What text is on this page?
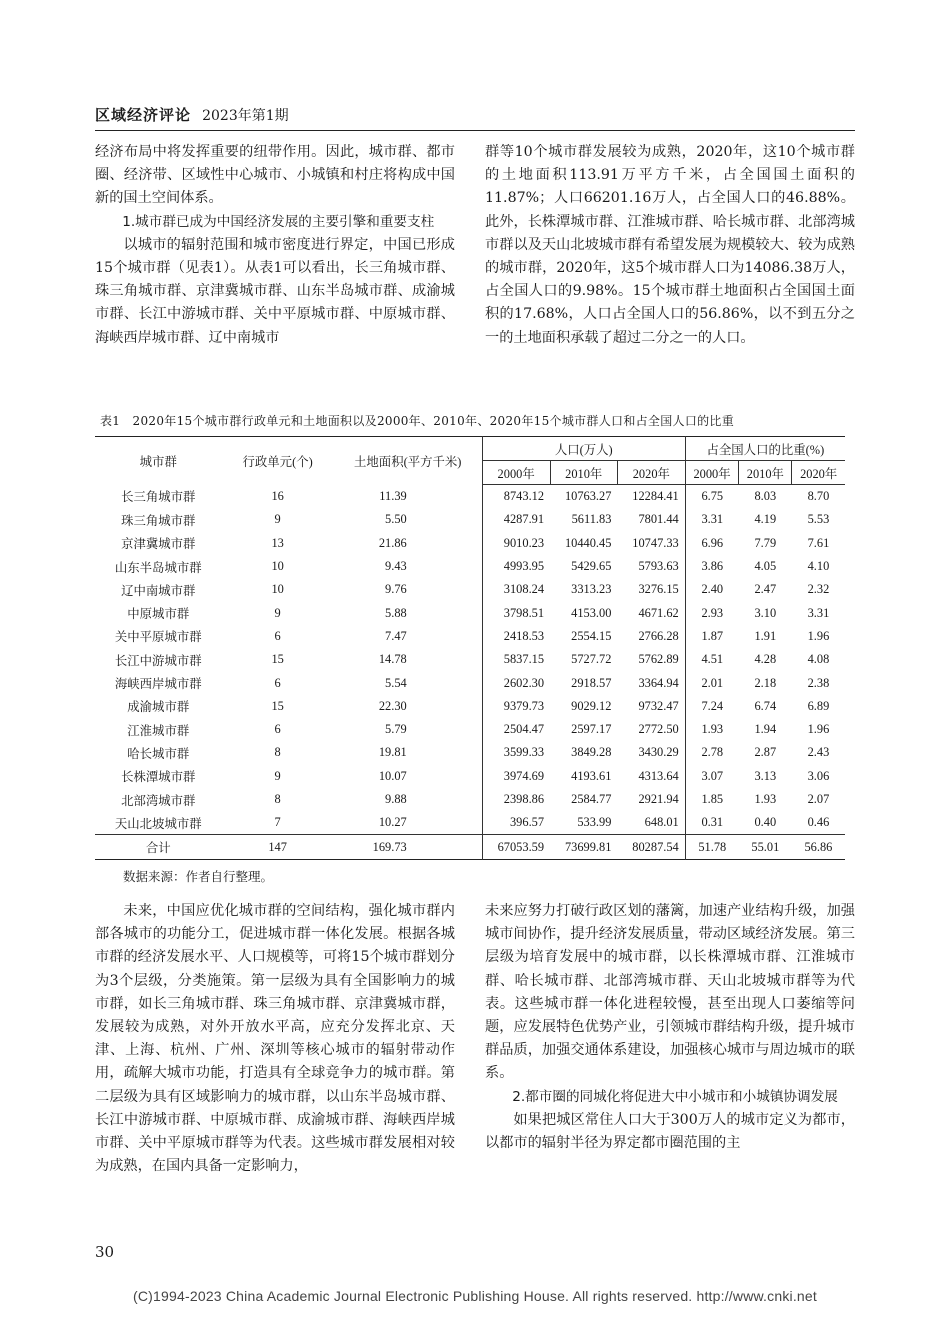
区域经济评论 2023年第1期

经济布局中将发挥重要的纽带作用。因此，城市群、都市圈、经济带、区域性中心城市、小城镇和村庄将构成中国新的国土空间体系。

1.城市群已成为中国经济发展的主要引擎和重要支柱

以城市的辐射范围和城市密度进行界定，中国已形成15个城市群（见表1）。从表1可以看出，长三角城市群、珠三角城市群、京津冀城市群、山东半岛城市群、成渝城市群、长江中游城市群、关中平原城市群、中原城市群、海峡西岸城市群、辽中南城市

群等10个城市群发展较为成熟，2020年，这10个城市群的土地面积113.91万平方千米，占全国国土面积的11.87%；人口66201.16万人，占全国人口的46.88%。此外，长株潭城市群、江淮城市群、哈长城市群、北部湾城市群以及天山北坡城市群有希望发展为规模较大、较为成熟的城市群，2020年，这5个城市群人口为14086.38万人，占全国人口的9.98%。15个城市群土地面积占全国国土面积的17.68%，人口占全国人口的56.86%，以不到五分之一的土地面积承载了超过二分之一的人口。

表1　2020年15个城市群行政单元和土地面积以及2000年、2010年、2020年15个城市群人口和占全国人口的比重
城市群	行政单元(个)	土地面积(平方千米)	人口(万人)			占全国人口的比重(%)		
			2000年	2010年	2020年	2000年	2010年	2020年
长三角城市群	16	11.39	8743.12	10763.27	12284.41	6.75	8.03	8.70
珠三角城市群	9	5.50	4287.91	5611.83	7801.44	3.31	4.19	5.53
京津冀城市群	13	21.86	9010.23	10440.45	10747.33	6.96	7.79	7.61
山东半岛城市群	10	9.43	4993.95	5429.65	5793.63	3.86	4.05	4.10
辽中南城市群	10	9.76	3108.24	3313.23	3276.15	2.40	2.47	2.32
中原城市群	9	5.88	3798.51	4153.00	4671.62	2.93	3.10	3.31
关中平原城市群	6	7.47	2418.53	2554.15	2766.28	1.87	1.91	1.96
长江中游城市群	15	14.78	5837.15	5727.72	5762.89	4.51	4.28	4.08
海峡西岸城市群	6	5.54	2602.30	2918.57	3364.94	2.01	2.18	2.38
成渝城市群	15	22.30	9379.73	9029.12	9732.47	7.24	6.74	6.89
江淮城市群	6	5.79	2504.47	2597.17	2772.50	1.93	1.94	1.96
哈长城市群	8	19.81	3599.33	3849.28	3430.29	2.78	2.87	2.43
长株潭城市群	9	10.07	3974.69	4193.61	4313.64	3.07	3.13	3.06
北部湾城市群	8	9.88	2398.86	2584.77	2921.94	1.85	1.93	2.07
天山北坡城市群	7	10.27	396.57	533.99	648.01	0.31	0.40	0.46
合计	147	169.73	67053.59	73699.81	80287.54	51.78	55.01	56.86
数据来源：作者自行整理。

未来，中国应优化城市群的空间结构，强化城市群内部各城市的功能分工，促进城市群一体化发展。根据各城市群的经济发展水平、人口规模等，可将15个城市群划分为3个层级，分类施策。第一层级为具有全国影响力的城市群，如长三角城市群、珠三角城市群、京津冀城市群，发展较为成熟，对外开放水平高，应充分发挥北京、天津、上海、杭州、广州、深圳等核心城市的辐射带动作用，疏解大城市功能，打造具有全球竞争力的城市群。第二层级为具有区域影响力的城市群，以山东半岛城市群、长江中游城市群、中原城市群、成渝城市群、海峡西岸城市群、关中平原城市群等为代表。这些城市群发展相对较为成熟，在国内具备一定影响力，

未来应努力打破行政区划的藩篱，加速产业结构升级，加强城市间协作，提升经济发展质量，带动区域经济发展。第三层级为培育发展中的城市群，以长株潭城市群、江淮城市群、哈长城市群、北部湾城市群、天山北坡城市群等为代表。这些城市群一体化进程较慢，甚至出现人口萎缩等问题，应发展特色优势产业，引领城市群结构升级，提升城市群品质，加强交通体系建设，加强核心城市与周边城市的联系。

2.都市圈的同城化将促进大中小城市和小城镇协调发展

如果把城区常住人口大于300万人的城市定义为都市，以都市的辐射半径为界定都市圈范围的主

30
(C)1994-2023 China Academic Journal Electronic Publishing House. All rights reserved. http://www.cnki.net
